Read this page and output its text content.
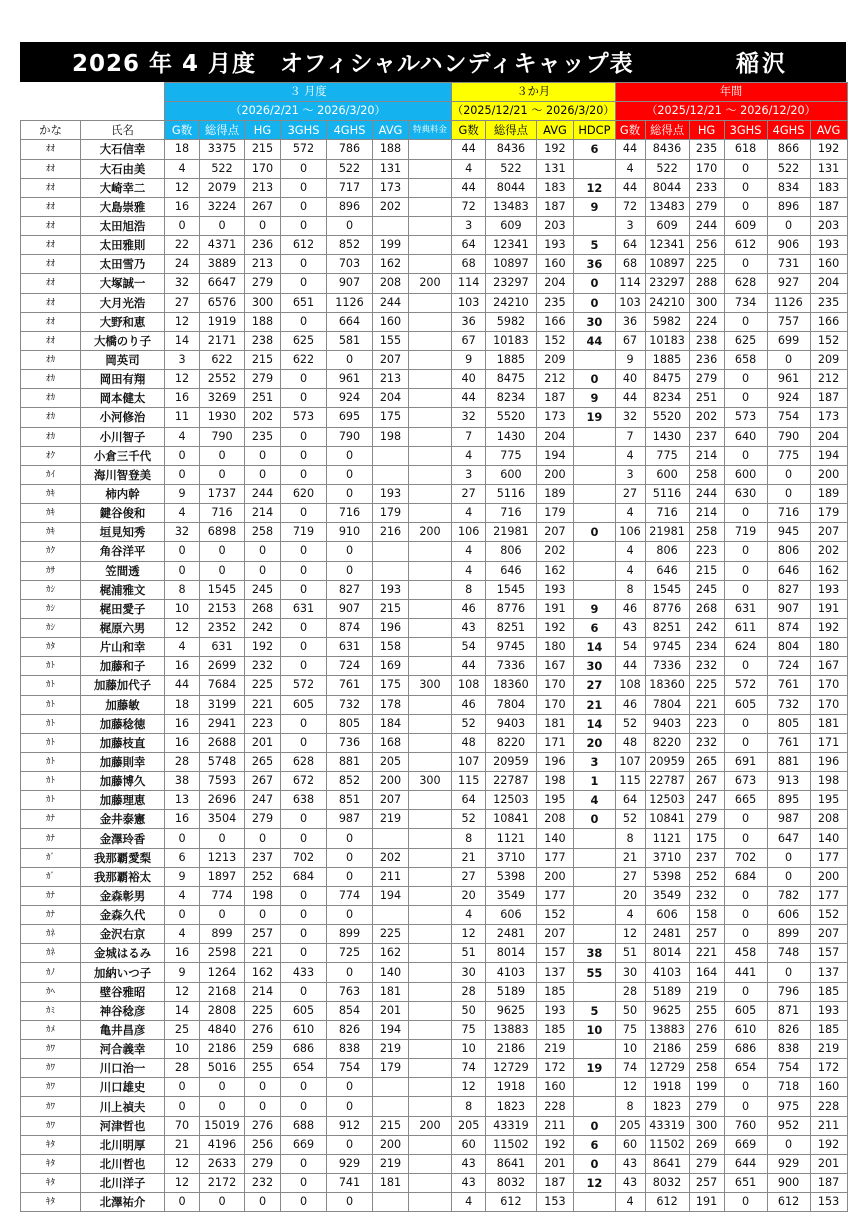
2026 年 4 月度　オフィシャルハンディキャップ表	稲沢
		３ 月度							３か月				年間					
		（2026/2/21 ～ 2026/3/20）							（2025/12/21 ～ 2026/3/20）				（2025/12/21 ～ 2026/12/20）					
かな	氏名	G数	総得点	HG	3GHS	4GHS	AVG	特典料金	G数	総得点	AVG	HDCP	G数	総得点	HG	3GHS	4GHS	AVG
ｵｵ	大石信幸	18	3375	215	572	786	188		44	8436	192	6	44	8436	235	618	866	192
ｵｵ	大石由美	4	522	170	0	522	131		4	522	131		4	522	170	0	522	131
ｵｵ	大崎幸二	12	2079	213	0	717	173		44	8044	183	12	44	8044	233	0	834	183
ｵｵ	大島崇雅	16	3224	267	0	896	202		72	13483	187	9	72	13483	279	0	896	187
ｵｵ	太田旭浩	0	0	0	0	0			3	609	203		3	609	244	609	0	203
ｵｵ	太田雅則	22	4371	236	612	852	199		64	12341	193	5	64	12341	256	612	906	193
ｵｵ	太田雪乃	24	3889	213	0	703	162		68	10897	160	36	68	10897	225	0	731	160
ｵｵ	大塚誠一	32	6647	279	0	907	208	200	114	23297	204	0	114	23297	288	628	927	204
ｵｵ	大月光浩	27	6576	300	651	1126	244		103	24210	235	0	103	24210	300	734	1126	235
ｵｵ	大野和恵	12	1919	188	0	664	160		36	5982	166	30	36	5982	224	0	757	166
ｵｵ	大橋のり子	14	2171	238	625	581	155		67	10183	152	44	67	10183	238	625	699	152
ｵｶ	岡英司	3	622	215	622	0	207		9	1885	209		9	1885	236	658	0	209
ｵｶ	岡田有翔	12	2552	279	0	961	213		40	8475	212	0	40	8475	279	0	961	212
ｵｶ	岡本健太	16	3269	251	0	924	204		44	8234	187	9	44	8234	251	0	924	187
ｵｶ	小河修治	11	1930	202	573	695	175		32	5520	173	19	32	5520	202	573	754	173
ｵｶ	小川智子	4	790	235	0	790	198		7	1430	204		7	1430	237	640	790	204
ｵｸ	小倉三千代	0	0	0	0	0			4	775	194		4	775	214	0	775	194
ｶｲ	海川智登美	0	0	0	0	0			3	600	200		3	600	258	600	0	200
ｶｷ	柿内幹	9	1737	244	620	0	193		27	5116	189		27	5116	244	630	0	189
ｶｷ	鍵谷俊和	4	716	214	0	716	179		4	716	179		4	716	214	0	716	179
ｶｷ	垣見知秀	32	6898	258	719	910	216	200	106	21981	207	0	106	21981	258	719	945	207
ｶｸ	角谷洋平	0	0	0	0	0			4	806	202		4	806	223	0	806	202
ｶｻ	笠間透	0	0	0	0	0			4	646	162		4	646	215	0	646	162
ｶｼ	梶浦雅文	8	1545	245	0	827	193		8	1545	193		8	1545	245	0	827	193
ｶｼ	梶田愛子	10	2153	268	631	907	215		46	8776	191	9	46	8776	268	631	907	191
ｶｼ	梶原六男	12	2352	242	0	874	196		43	8251	192	6	43	8251	242	611	874	192
ｶﾀ	片山和幸	4	631	192	0	631	158		54	9745	180	14	54	9745	234	624	804	180
ｶﾄ	加藤和子	16	2699	232	0	724	169		44	7336	167	30	44	7336	232	0	724	167
ｶﾄ	加藤加代子	44	7684	225	572	761	175	300	108	18360	170	27	108	18360	225	572	761	170
ｶﾄ	加藤敏	18	3199	221	605	732	178		46	7804	170	21	46	7804	221	605	732	170
ｶﾄ	加藤稔徳	16	2941	223	0	805	184		52	9403	181	14	52	9403	223	0	805	181
ｶﾄ	加藤枝直	16	2688	201	0	736	168		48	8220	171	20	48	8220	232	0	761	171
ｶﾄ	加藤則幸	28	5748	265	628	881	205		107	20959	196	3	107	20959	265	691	881	196
ｶﾄ	加藤博久	38	7593	267	672	852	200	300	115	22787	198	1	115	22787	267	673	913	198
ｶﾄ	加藤理恵	13	2696	247	638	851	207		64	12503	195	4	64	12503	247	665	895	195
ｶﾅ	金井泰憲	16	3504	279	0	987	219		52	10841	208	0	52	10841	279	0	987	208
ｶﾅ	金澤玲香	0	0	0	0	0			8	1121	140		8	1121	175	0	647	140
ｶﾞ	我那覇愛梨	6	1213	237	702	0	202		21	3710	177		21	3710	237	702	0	177
ｶﾞ	我那覇裕太	9	1897	252	684	0	211		27	5398	200		27	5398	252	684	0	200
ｶﾅ	金森彰男	4	774	198	0	774	194		20	3549	177		20	3549	232	0	782	177
ｶﾅ	金森久代	0	0	0	0	0			4	606	152		4	606	158	0	606	152
ｶﾈ	金沢右京	4	899	257	0	899	225		12	2481	207		12	2481	257	0	899	207
ｶﾈ	金城はるみ	16	2598	221	0	725	162		51	8014	157	38	51	8014	221	458	748	157
ｶﾉ	加納いつ子	9	1264	162	433	0	140		30	4103	137	55	30	4103	164	441	0	137
ｶﾍ	壁谷雅昭	12	2168	214	0	763	181		28	5189	185		28	5189	219	0	796	185
ｶﾐ	神谷稔彦	14	2808	225	605	854	201		50	9625	193	5	50	9625	255	605	871	193
ｶﾒ	亀井昌彦	25	4840	276	610	826	194		75	13883	185	10	75	13883	276	610	826	185
ｶﾜ	河合義幸	10	2186	259	686	838	219		10	2186	219		10	2186	259	686	838	219
ｶﾜ	川口治一	28	5016	255	654	754	179		74	12729	172	19	74	12729	258	654	754	172
ｶﾜ	川口雄史	0	0	0	0	0			12	1918	160		12	1918	199	0	718	160
ｶﾜ	川上禎夫	0	0	0	0	0			8	1823	228		8	1823	279	0	975	228
ｶﾜ	河津哲也	70	15019	276	688	912	215	200	205	43319	211	0	205	43319	300	760	952	211
ｷﾀ	北川明厚	21	4196	256	669	0	200		60	11502	192	6	60	11502	269	669	0	192
ｷﾀ	北川哲也	12	2633	279	0	929	219		43	8641	201	0	43	8641	279	644	929	201
ｷﾀ	北川洋子	12	2172	232	0	741	181		43	8032	187	12	43	8032	257	651	900	187
ｷﾀ	北澤祐介	0	0	0	0	0			4	612	153		4	612	191	0	612	153
